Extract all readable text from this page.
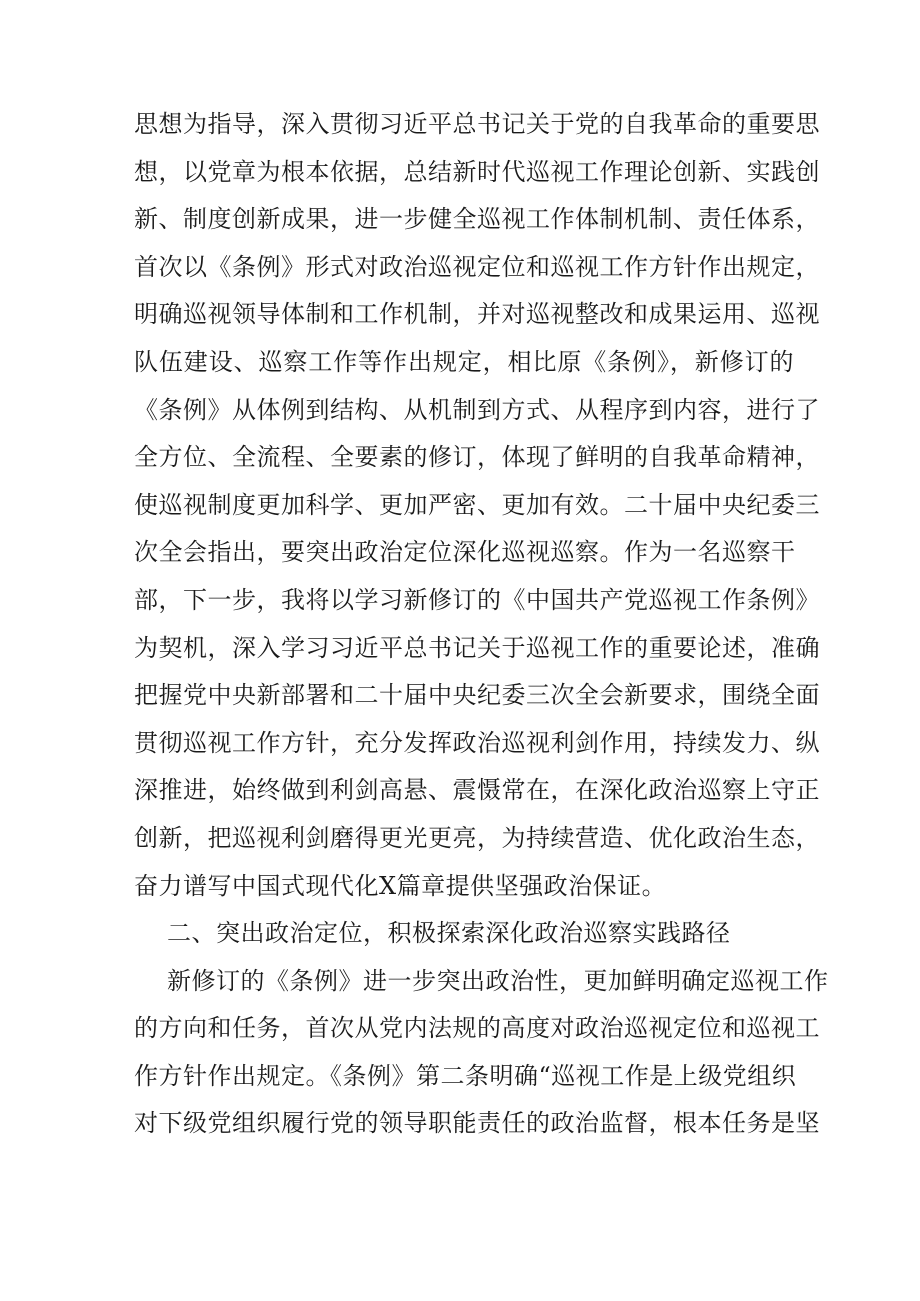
思想为指导，深入贯彻习近平总书记关于党的自我革命的重要思
想，以党章为根本依据，总结新时代巡视工作理论创新、实践创
新、制度创新成果，进一步健全巡视工作体制机制、责任体系，
首次以《条例》形式对政治巡视定位和巡视工作方针作出规定，
明确巡视领导体制和工作机制，并对巡视整改和成果运用、巡视
队伍建设、巡察工作等作出规定，相比原《条例》，新修订的
《条例》从体例到结构、从机制到方式、从程序到内容，进行了
全方位、全流程、全要素的修订，体现了鲜明的自我革命精神，
使巡视制度更加科学、更加严密、更加有效。二十届中央纪委三
次全会指出，要突出政治定位深化巡视巡察。作为一名巡察干
部，下一步，我将以学习新修订的《中国共产党巡视工作条例》
为契机，深入学习习近平总书记关于巡视工作的重要论述，准确
把握党中央新部署和二十届中央纪委三次全会新要求，围绕全面
贯彻巡视工作方针，充分发挥政治巡视利剑作用，持续发力、纵
深推进，始终做到利剑高悬、震慑常在，在深化政治巡察上守正
创新，把巡视利剑磨得更光更亮，为持续营造、优化政治生态，
奋力谱写中国式现代化X篇章提供坚强政治保证。
二、突出政治定位，积极探索深化政治巡察实践路径
新修订的《条例》进一步突出政治性，更加鲜明确定巡视工作
的方向和任务，首次从党内法规的高度对政治巡视定位和巡视工
作方针作出规定。《条例》第二条明确“巡视工作是上级党组织
对下级党组织履行党的领导职能责任的政治监督，根本任务是坚
